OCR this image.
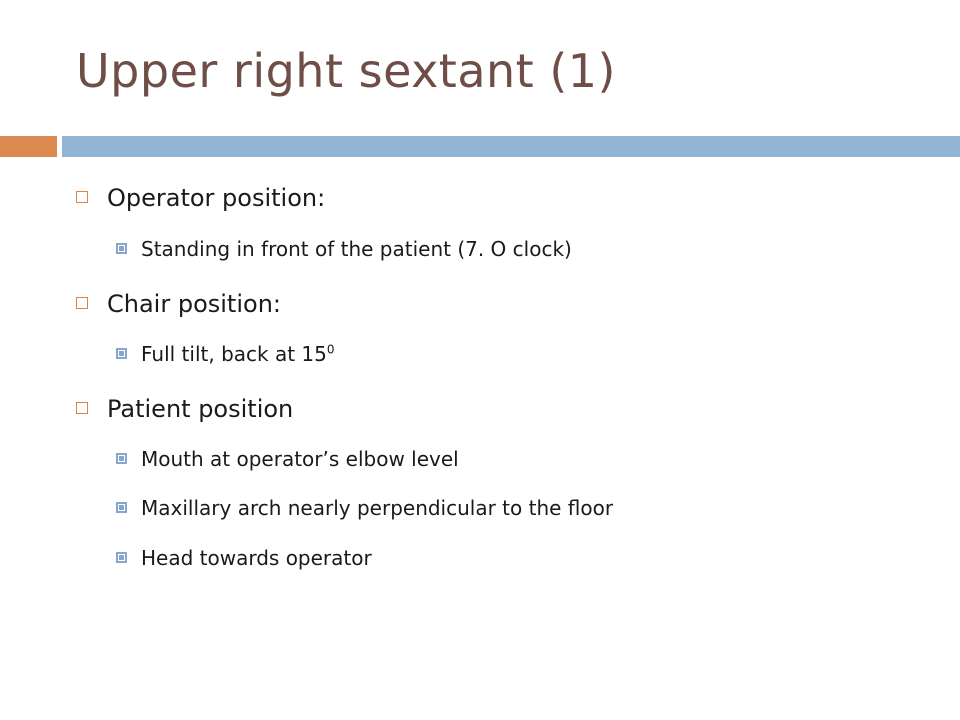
Upper right sextant (1)
Operator position:
Standing in front of the patient (7. O clock)
Chair position:
Full tilt, back at $15^0$
Patient position
Mouth at operator’s elbow level
Maxillary arch nearly perpendicular to the floor
Head towards operator
